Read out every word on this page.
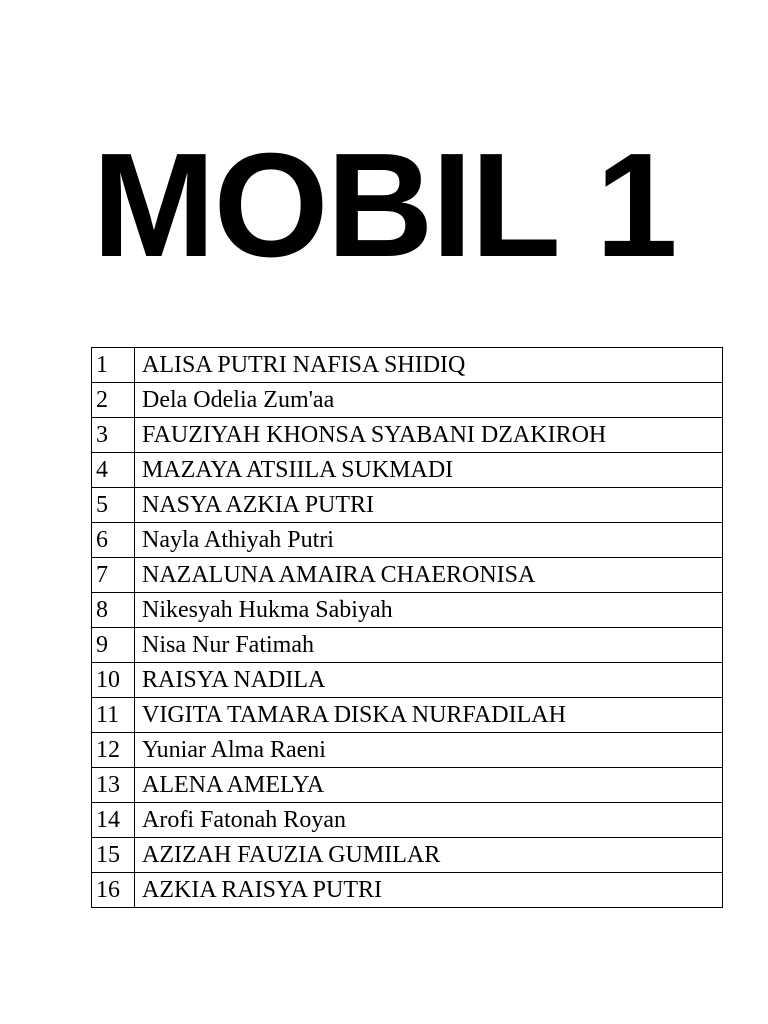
MOBIL 1
1	ALISA PUTRI NAFISA SHIDIQ
2	Dela Odelia Zum'aa
3	FAUZIYAH KHONSA SYABANI DZAKIROH
4	MAZAYA ATSIILA SUKMADI
5	NASYA AZKIA PUTRI
6	Nayla Athiyah Putri
7	NAZALUNA AMAIRA CHAERONISA
8	Nikesyah Hukma Sabiyah
9	Nisa Nur Fatimah
10	RAISYA NADILA
11	VIGITA TAMARA DISKA NURFADILAH
12	Yuniar Alma Raeni
13	ALENA AMELYA
14	Arofi Fatonah Royan
15	AZIZAH FAUZIA GUMILAR
16	AZKIA RAISYA PUTRI
